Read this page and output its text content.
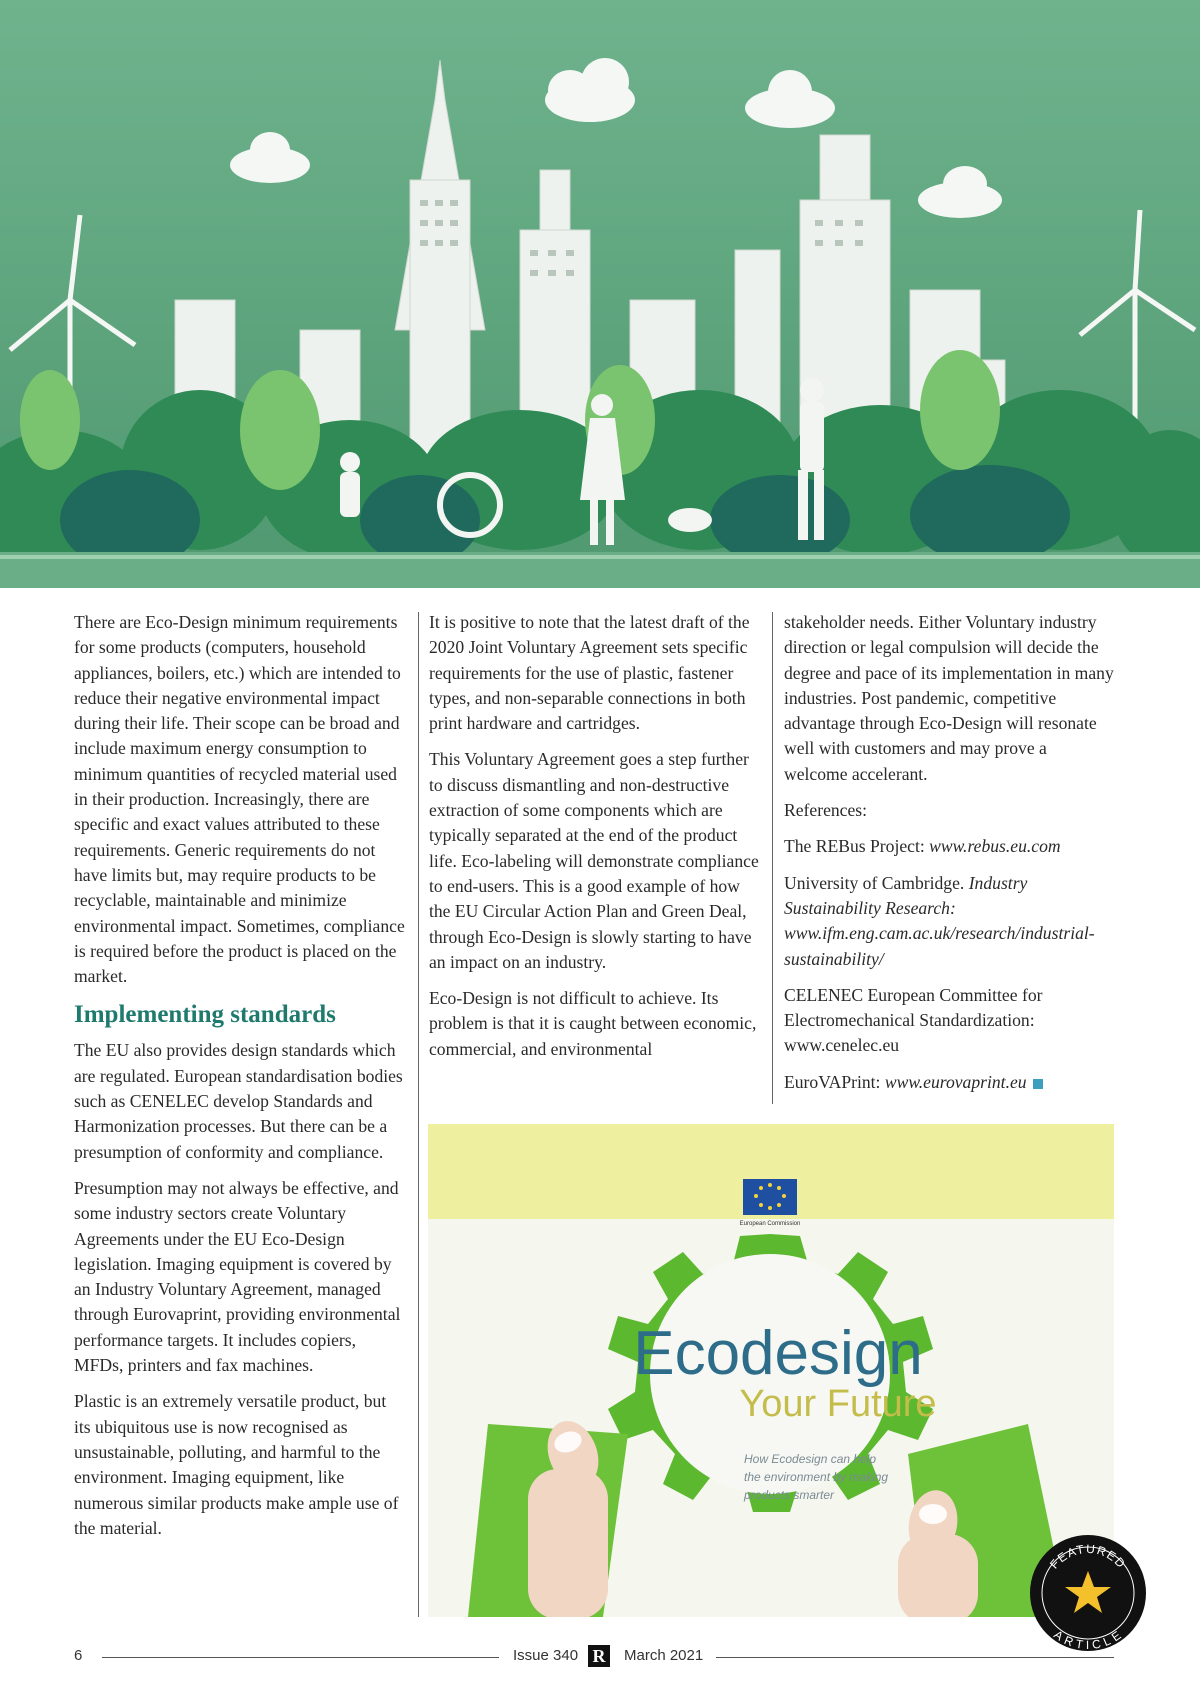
There are Eco-Design minimum requirements for some products (computers, household appliances, boilers, etc.) which are intended to reduce their negative environmental impact during their life. Their scope can be broad and include maximum energy consumption to minimum quantities of recycled material used in their production. Increasingly, there are specific and exact values attributed to these requirements. Generic requirements do not have limits but, may require products to be recyclable, maintainable and minimize environmental impact. Sometimes, compliance is required before the product is placed on the market.

Implementing standards

The EU also provides design standards which are regulated. European standardisation bodies such as CENELEC develop Standards and Harmonization processes. But there can be a presumption of conformity and compliance.

Presumption may not always be effective, and some industry sectors create Voluntary Agreements under the EU Eco-Design legislation. Imaging equipment is covered by an Industry Voluntary Agreement, managed through Eurovaprint, providing environmental performance targets. It includes copiers, MFDs, printers and fax machines.

Plastic is an extremely versatile product, but its ubiquitous use is now recognised as unsustainable, polluting, and harmful to the environment. Imaging equipment, like numerous similar products make ample use of the material.

It is positive to note that the latest draft of the 2020 Joint Voluntary Agreement sets specific requirements for the use of plastic, fastener types, and non-separable connections in both print hardware and cartridges.

This Voluntary Agreement goes a step further to discuss dismantling and non-destructive extraction of some components which are typically separated at the end of the product life. Eco-labeling will demonstrate compliance to end-users. This is a good example of how the EU Circular Action Plan and Green Deal, through Eco-Design is slowly starting to have an impact on an industry.

Eco-Design is not difficult to achieve. Its problem is that it is caught between economic, commercial, and environmental

stakeholder needs. Either Voluntary industry direction or legal compulsion will decide the degree and pace of its implementation in many industries. Post pandemic, competitive advantage through Eco-Design will resonate well with customers and may prove a welcome accelerant.

References:

The REBus Project: www.rebus.eu.com

University of Cambridge. Industry Sustainability Research: www.ifm.eng.cam.ac.uk/research/industrial-sustainability/

CELENEC European Committee for Electromechanical Standardization: www.cenelec.eu

EuroVAPrint: www.eurovaprint.eu

European Commission
Ecodesign
Your Future
How Ecodesign can help
the environment by making
products smarter
FEATURED
ARTICLE
6	Issue 340 R	March 2021
